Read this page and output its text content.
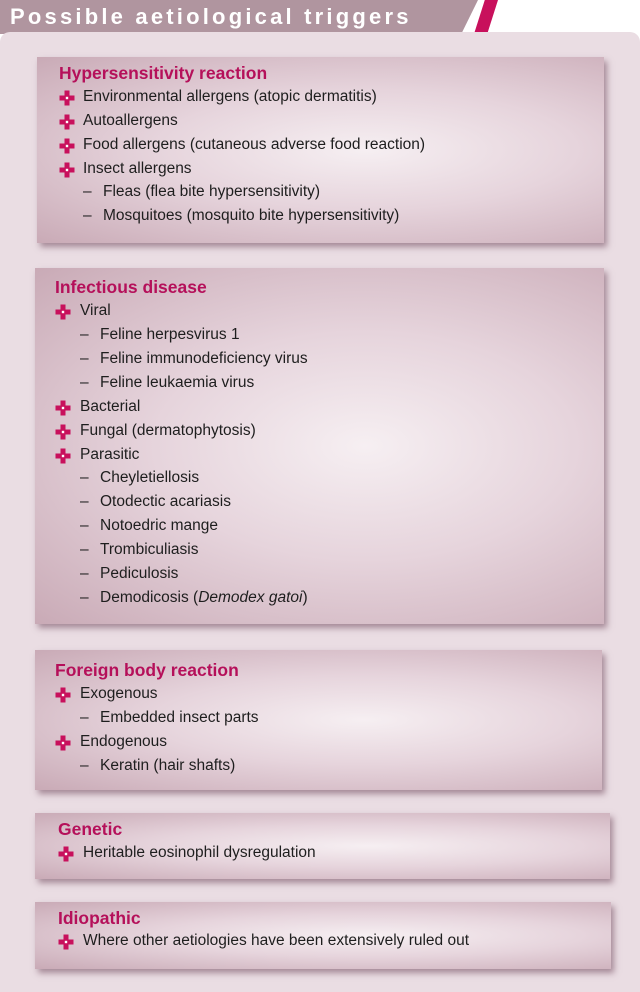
Possible aetiological triggers
Hypersensitivity reaction
Environmental allergens (atopic dermatitis)
Autoallergens
Food allergens (cutaneous adverse food reaction)
Insect allergens
– Fleas (flea bite hypersensitivity)
– Mosquitoes (mosquito bite hypersensitivity)
Infectious disease
Viral
– Feline herpesvirus 1
– Feline immunodeficiency virus
– Feline leukaemia virus
Bacterial
Fungal (dermatophytosis)
Parasitic
– Cheyletiellosis
– Otodectic acariasis
– Notoedric mange
– Trombiculiasis
– Pediculosis
– Demodicosis (Demodex gatoi)
Foreign body reaction
Exogenous
– Embedded insect parts
Endogenous
– Keratin (hair shafts)
Genetic
Heritable eosinophil dysregulation
Idiopathic
Where other aetiologies have been extensively ruled out
